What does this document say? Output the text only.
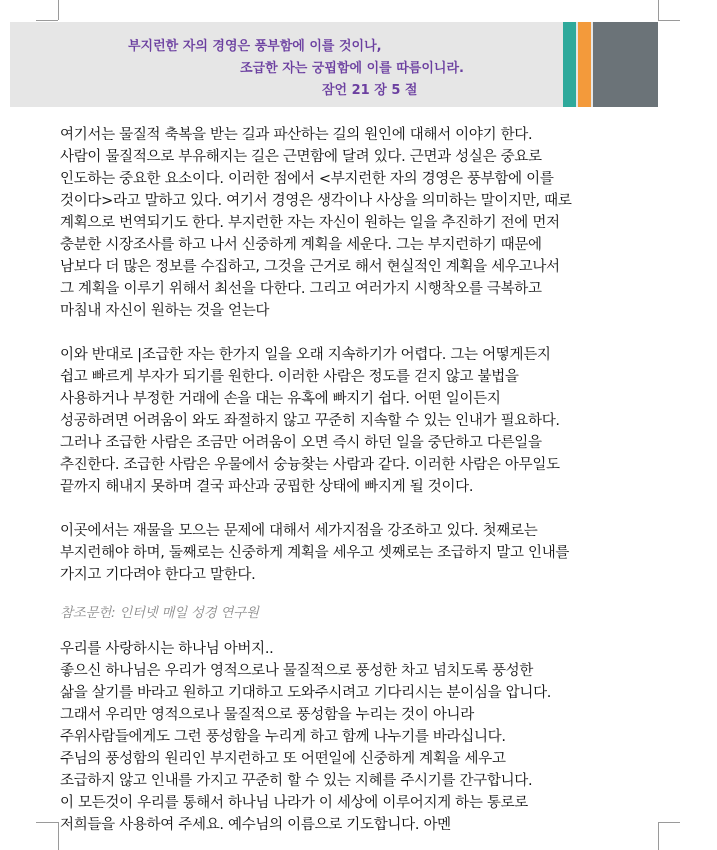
부지런한 자의 경영은 풍부함에 이를 것이나,
조급한 자는 궁핍함에 이를 따름이니라.
잠언 21 장 5 절
여기서는 물질적 축복을 받는 길과 파산하는 길의 원인에 대해서 이야기 한다.
사람이 물질적으로 부유해지는 길은 근면함에 달려 있다. 근면과 성실은 중요로
인도하는 중요한 요소이다. 이러한 점에서 <부지런한 자의 경영은 풍부함에 이를
것이다>라고 말하고 있다. 여기서 경영은 생각이나 사상을 의미하는 말이지만, 때로
계획으로 번역되기도 한다. 부지런한 자는 자신이 원하는 일을 추진하기 전에 먼저
충분한 시장조사를 하고 나서 신중하게 계획을 세운다. 그는 부지런하기 때문에
남보다 더 많은 정보를 수집하고, 그것을 근거로 해서 현실적인 계획을 세우고나서
그 계획을 이루기 위해서 최선을 다한다. 그리고 여러가지 시행착오를 극복하고
마침내 자신이 원하는 것을 얻는다
이와 반대로 |조급한 자는 한가지 일을 오래 지속하기가 어렵다. 그는 어떻게든지
쉽고 빠르게 부자가 되기를 원한다. 이러한 사람은 정도를 걷지 않고 불법을
사용하거나 부정한 거래에 손을 대는 유혹에 빠지기 쉽다. 어떤 일이든지
성공하려면 어려움이 와도 좌절하지 않고 꾸준히 지속할 수 있는 인내가 필요하다.
그러나 조급한 사람은 조금만 어려움이 오면 즉시 하던 일을 중단하고 다른일을
추진한다. 조급한 사람은 우물에서 숭늉찾는 사람과 같다. 이러한 사람은 아무일도
끝까지 해내지 못하며 결국 파산과 궁핍한 상태에 빠지게 될 것이다.
이곳에서는 재물을 모으는 문제에 대해서 세가지점을 강조하고 있다. 첫째로는
부지런해야 하며, 둘째로는 신중하게 계획을 세우고 셋째로는 조급하지 말고 인내를
가지고 기다려야 한다고 말한다.
참조문헌: 인터넷 매일 성경 연구원
우리를 사랑하시는 하나님 아버지..
좋으신 하나님은 우리가 영적으로나 물질적으로 풍성한 차고 넘치도록 풍성한
삶을 살기를 바라고 원하고 기대하고 도와주시려고 기다리시는 분이심을 압니다.
그래서 우리만 영적으로나 물질적으로 풍성함을 누리는 것이 아니라
주위사람들에게도 그런 풍성함을 누리게 하고 함께 나누기를 바라십니다.
주님의 풍성함의 원리인 부지런하고 또 어떤일에 신중하게 계획을 세우고
조급하지 않고 인내를 가지고 꾸준히 할 수 있는 지혜를 주시기를 간구합니다.
이 모든것이 우리를 통해서 하나님 나라가 이 세상에 이루어지게 하는 통로로
저희들을 사용하여 주세요. 예수님의 이름으로 기도합니다. 아멘
